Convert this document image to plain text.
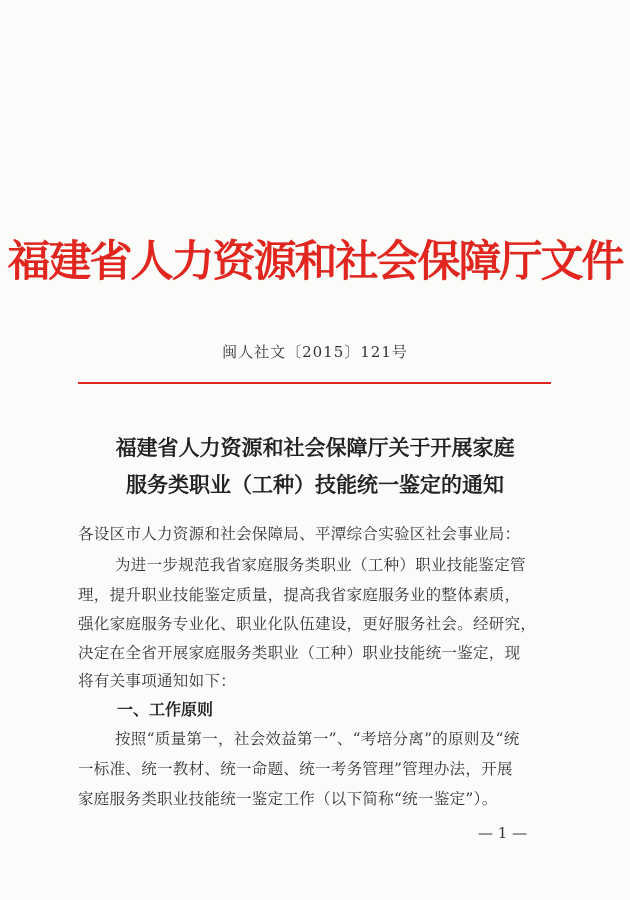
福建省人力资源和社会保障厅文件
闽人社文〔2015〕121号
福建省人力资源和社会保障厅关于开展家庭
服务类职业（工种）技能统一鉴定的通知
各设区市人力资源和社会保障局、平潭综合实验区社会事业局：
为进一步规范我省家庭服务类职业（工种）职业技能鉴定管
理，提升职业技能鉴定质量，提高我省家庭服务业的整体素质，
强化家庭服务专业化、职业化队伍建设，更好服务社会。经研究，
决定在全省开展家庭服务类职业（工种）职业技能统一鉴定，现
将有关事项通知如下：
一、工作原则
按照“质量第一，社会效益第一”、“考培分离”的原则及“统
一标准、统一教材、统一命题、统一考务管理”管理办法，开展
家庭服务类职业技能统一鉴定工作（以下简称“统一鉴定”）。
— 1 —
